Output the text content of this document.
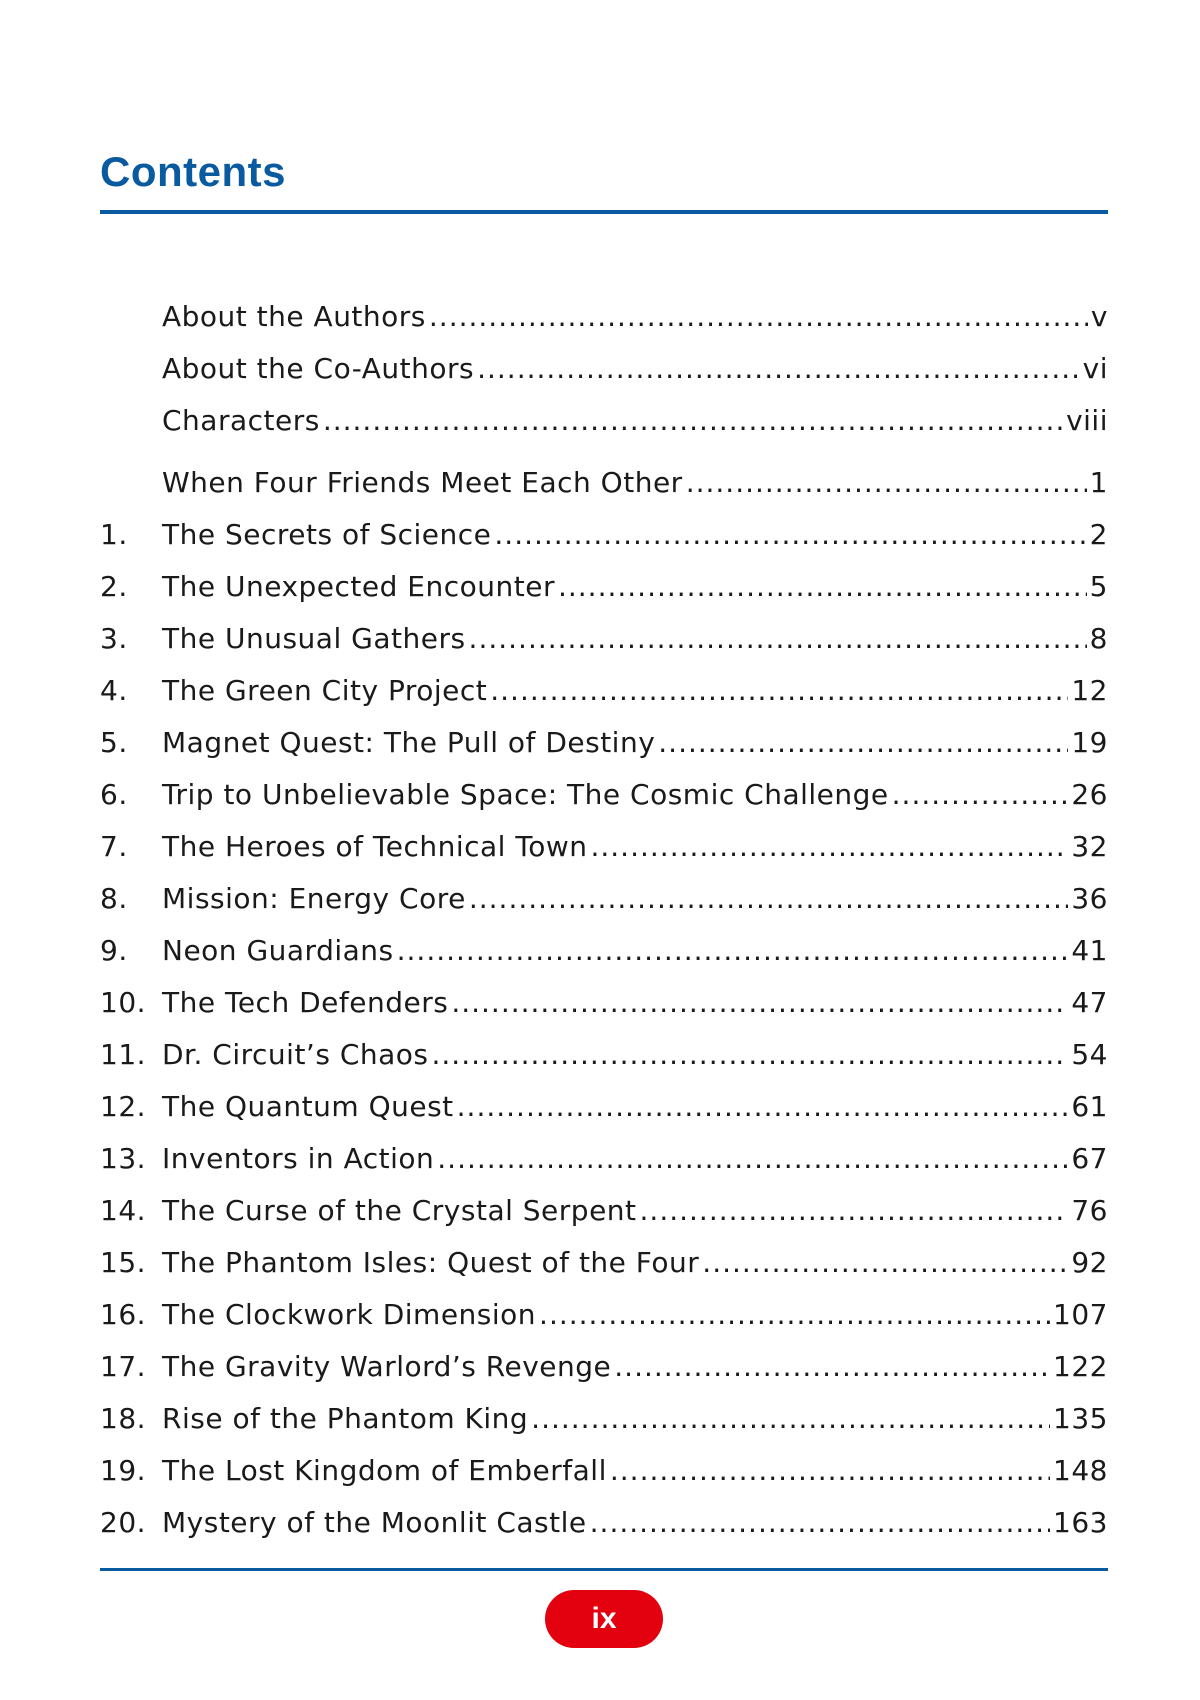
Contents
About the Authors .....	v
About the Co-Authors .....	vi
Characters .....	viii
When Four Friends Meet Each Other .....	1
1.	The Secrets of Science .....	2
2.	The Unexpected Encounter .....	5
3.	The Unusual Gathers .....	8
4.	The Green City Project .....	12
5.	Magnet Quest: The Pull of Destiny .....	19
6.	Trip to Unbelievable Space: The Cosmic Challenge .....	26
7.	The Heroes of Technical Town .....	32
8.	Mission: Energy Core .....	36
9.	Neon Guardians .....	41
10. The Tech Defenders .....	47
11. Dr. Circuit’s Chaos .....	54
12. The Quantum Quest .....	61
13. Inventors in Action .....	67
14. The Curse of the Crystal Serpent .....	76
15. The Phantom Isles: Quest of the Four .....	92
16. The Clockwork Dimension .....	107
17. The Gravity Warlord’s Revenge .....	122
18. Rise of the Phantom King .....	135
19. The Lost Kingdom of Emberfall .....	148
20. Mystery of the Moonlit Castle .....	163
ix
